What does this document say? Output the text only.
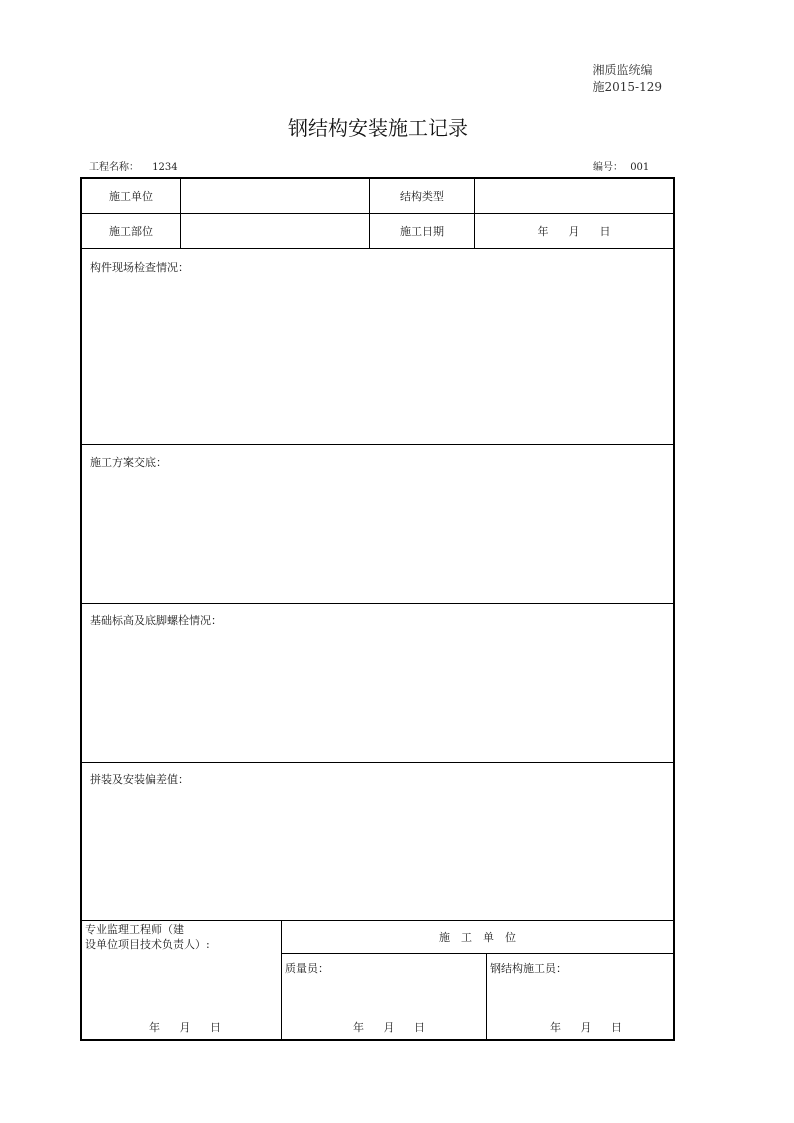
湘质监统编
施2015-129
钢结构安装施工记录
工程名称： 1234	编号： 001
施工单位	结构类型
施工部位	施工日期	年 月 日
构件现场检查情况：
施工方案交底：
基础标高及底脚螺栓情况：
拼装及安装偏差值：
专业监理工程师（建
设单位项目技术负责人）:
施　工　单　位
质量员：	钢结构施工员：
年 月 日	年 月 日	年 月 日
